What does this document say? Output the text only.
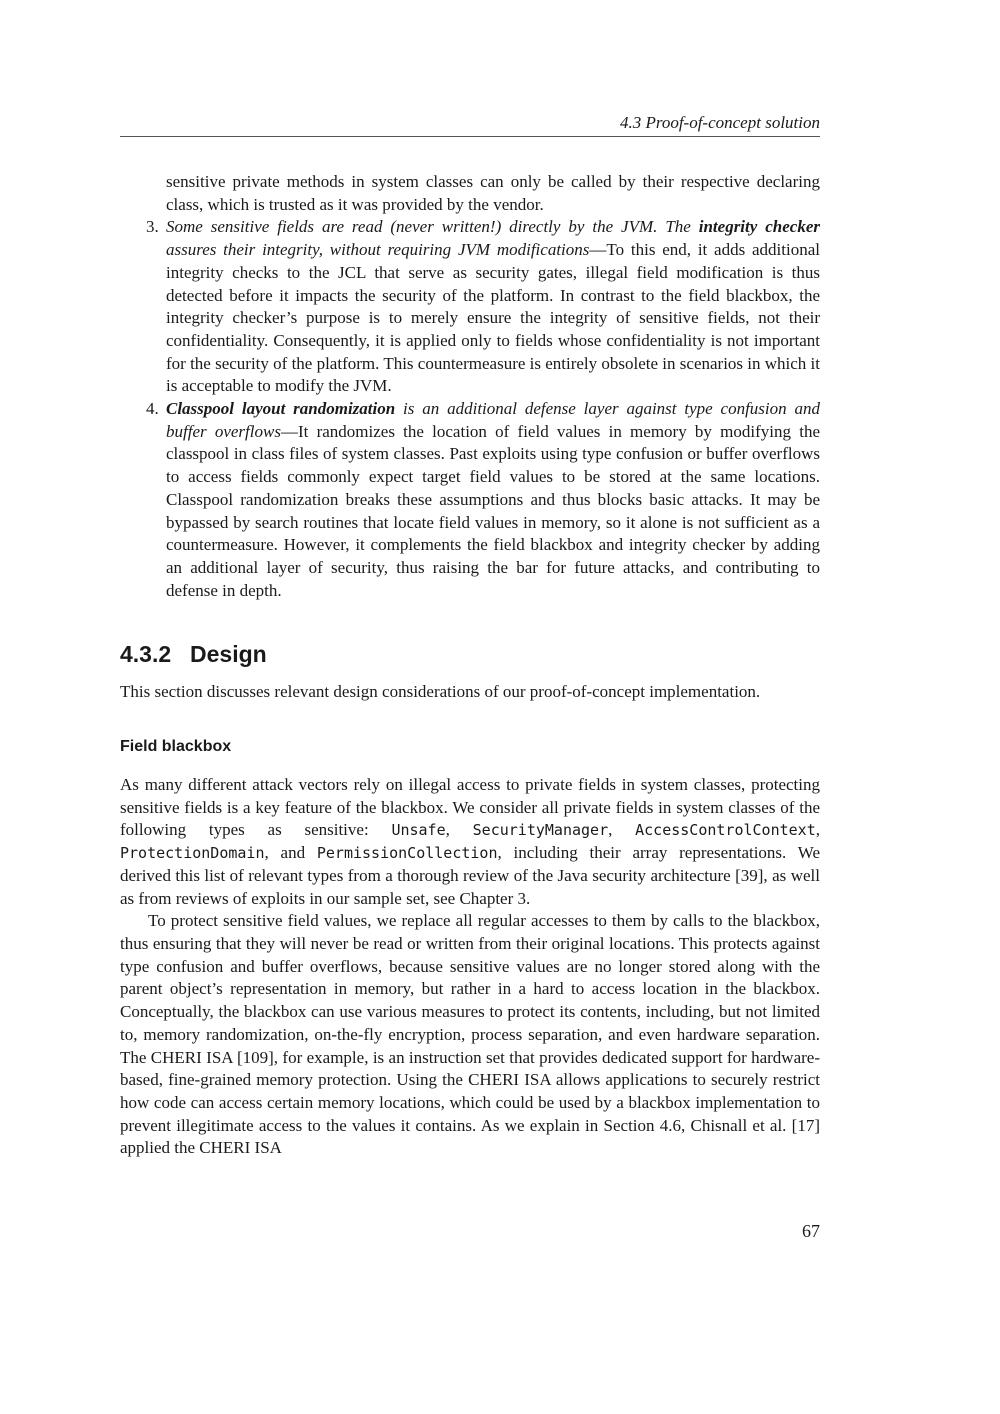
4.3 Proof-of-concept solution

sensitive private methods in system classes can only be called by their respective declaring class, which is trusted as it was provided by the vendor.

3. Some sensitive fields are read (never written!) directly by the JVM. The integrity checker assures their integrity, without requiring JVM modifications—To this end, it adds additional integrity checks to the JCL that serve as security gates, illegal field modification is thus detected before it impacts the security of the platform. In contrast to the field blackbox, the integrity checker’s purpose is to merely ensure the integrity of sensitive fields, not their confidentiality. Consequently, it is applied only to fields whose confidentiality is not important for the security of the platform. This countermeasure is entirely obsolete in scenarios in which it is acceptable to modify the JVM.
4. Classpool layout randomization is an additional defense layer against type confusion and buffer overflows—It randomizes the location of field values in memory by modifying the classpool in class files of system classes. Past exploits using type confusion or buffer overflows to access fields commonly expect target field values to be stored at the same locations. Classpool randomization breaks these assumptions and thus blocks basic attacks. It may be bypassed by search routines that locate field values in memory, so it alone is not sufficient as a countermeasure. However, it complements the field blackbox and integrity checker by adding an additional layer of security, thus raising the bar for future attacks, and contributing to defense in depth.
4.3.2 Design

This section discusses relevant design considerations of our proof-of-concept implementation.

Field blackbox

As many different attack vectors rely on illegal access to private fields in system classes, protecting sensitive fields is a key feature of the blackbox. We consider all private fields in system classes of the following types as sensitive: Unsafe, SecurityManager, AccessControlContext, ProtectionDomain, and PermissionCollection, including their array representations. We derived this list of relevant types from a thorough review of the Java security architecture [39], as well as from reviews of exploits in our sample set, see Chapter 3.

To protect sensitive field values, we replace all regular accesses to them by calls to the blackbox, thus ensuring that they will never be read or written from their original locations. This protects against type confusion and buffer overflows, because sensitive values are no longer stored along with the parent object’s representation in memory, but rather in a hard to access location in the blackbox. Conceptually, the blackbox can use various measures to protect its contents, including, but not limited to, memory randomization, on-the-fly encryption, process separation, and even hardware separation. The CHERI ISA [109], for example, is an instruction set that provides dedicated support for hardware-based, fine-grained memory protection. Using the CHERI ISA allows applications to securely restrict how code can access certain memory locations, which could be used by a blackbox implementation to prevent illegitimate access to the values it contains. As we explain in Section 4.6, Chisnall et al. [17] applied the CHERI ISA

67
